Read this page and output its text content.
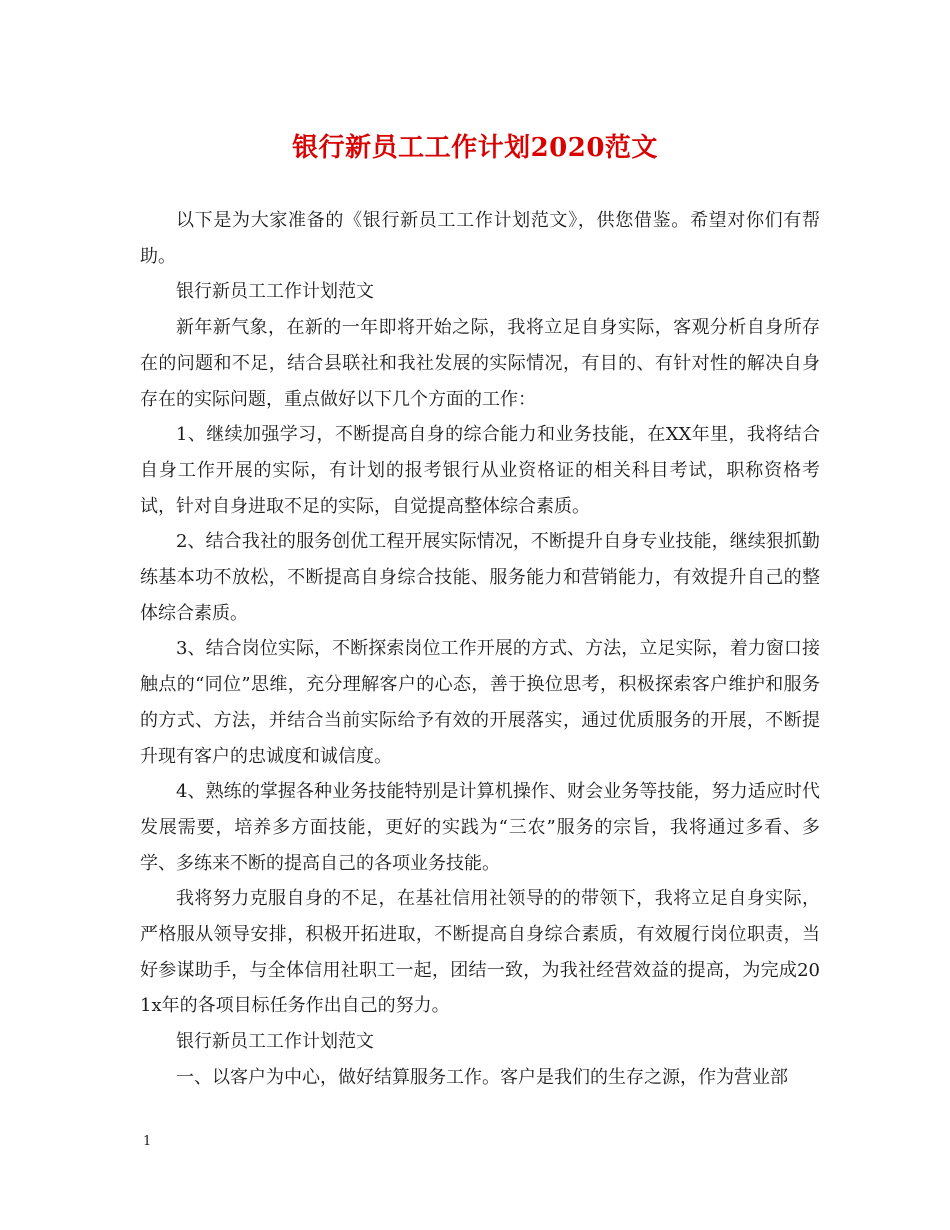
银行新员工工作计划2020范文

以下是为大家准备的《银行新员工工作计划范文》，供您借鉴。希望对你们有帮助。

银行新员工工作计划范文

新年新气象，在新的一年即将开始之际，我将立足自身实际，客观分析自身所存在的问题和不足，结合县联社和我社发展的实际情况，有目的、有针对性的解决自身存在的实际问题，重点做好以下几个方面的工作：

1、继续加强学习，不断提高自身的综合能力和业务技能，在XX年里，我将结合自身工作开展的实际，有计划的报考银行从业资格证的相关科目考试，职称资格考试，针对自身进取不足的实际，自觉提高整体综合素质。

2、结合我社的服务创优工程开展实际情况，不断提升自身专业技能，继续狠抓勤练基本功不放松，不断提高自身综合技能、服务能力和营销能力，有效提升自己的整体综合素质。

3、结合岗位实际，不断探索岗位工作开展的方式、方法，立足实际，着力窗口接触点的“同位”思维，充分理解客户的心态，善于换位思考，积极探索客户维护和服务的方式、方法，并结合当前实际给予有效的开展落实，通过优质服务的开展，不断提升现有客户的忠诚度和诚信度。

4、熟练的掌握各种业务技能特别是计算机操作、财会业务等技能，努力适应时代发展需要，培养多方面技能，更好的实践为“三农”服务的宗旨，我将通过多看、多学、多练来不断的提高自己的各项业务技能。

我将努力克服自身的不足，在基社信用社领导的的带领下，我将立足自身实际，严格服从领导安排，积极开拓进取，不断提高自身综合素质，有效履行岗位职责，当好参谋助手，与全体信用社职工一起，团结一致，为我社经营效益的提高，为完成201x年的各项目标任务作出自己的努力。

银行新员工工作计划范文

一、以客户为中心，做好结算服务工作。客户是我们的生存之源，作为营业部

1
